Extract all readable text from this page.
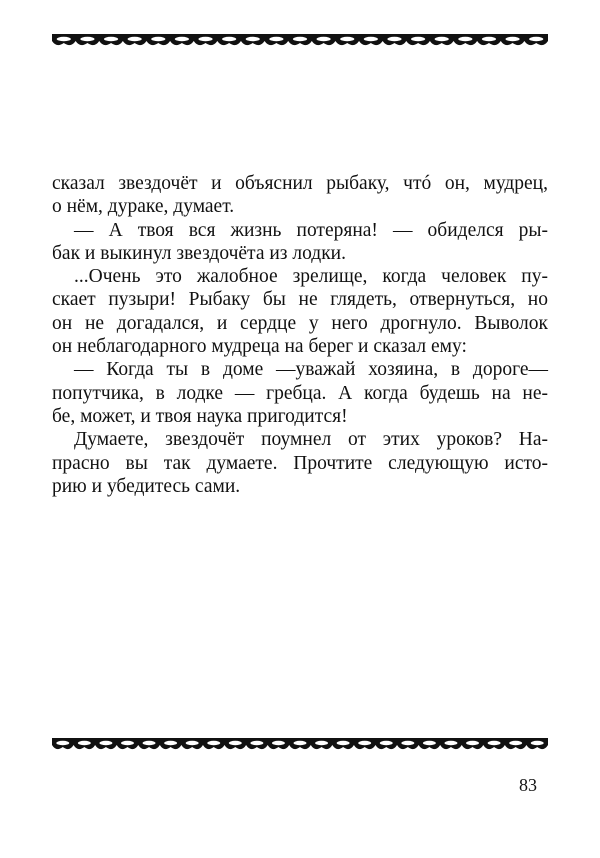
сказал звездочёт и объяснил рыбаку, чтó он, мудрец,
о нём, дураке, думает.
— А твоя вся жизнь потеряна! — обиделся ры-
бак и выкинул звездочёта из лодки.
...Очень это жалобное зрелище, когда человек пу-
скает пузыри! Рыбаку бы не глядеть, отвернуться, но
он не догадался, и сердце у него дрогнуло. Выволок
он неблагодарного мудреца на берег и сказал ему:
— Когда ты в доме —уважай хозяина, в дороге—
попутчика, в лодке — гребца. А когда будешь на не-
бе, может, и твоя наука пригодится!
Думаете, звездочёт поумнел от этих уроков? На-
прасно вы так думаете. Прочтите следующую исто-
рию и убедитесь сами.
83
